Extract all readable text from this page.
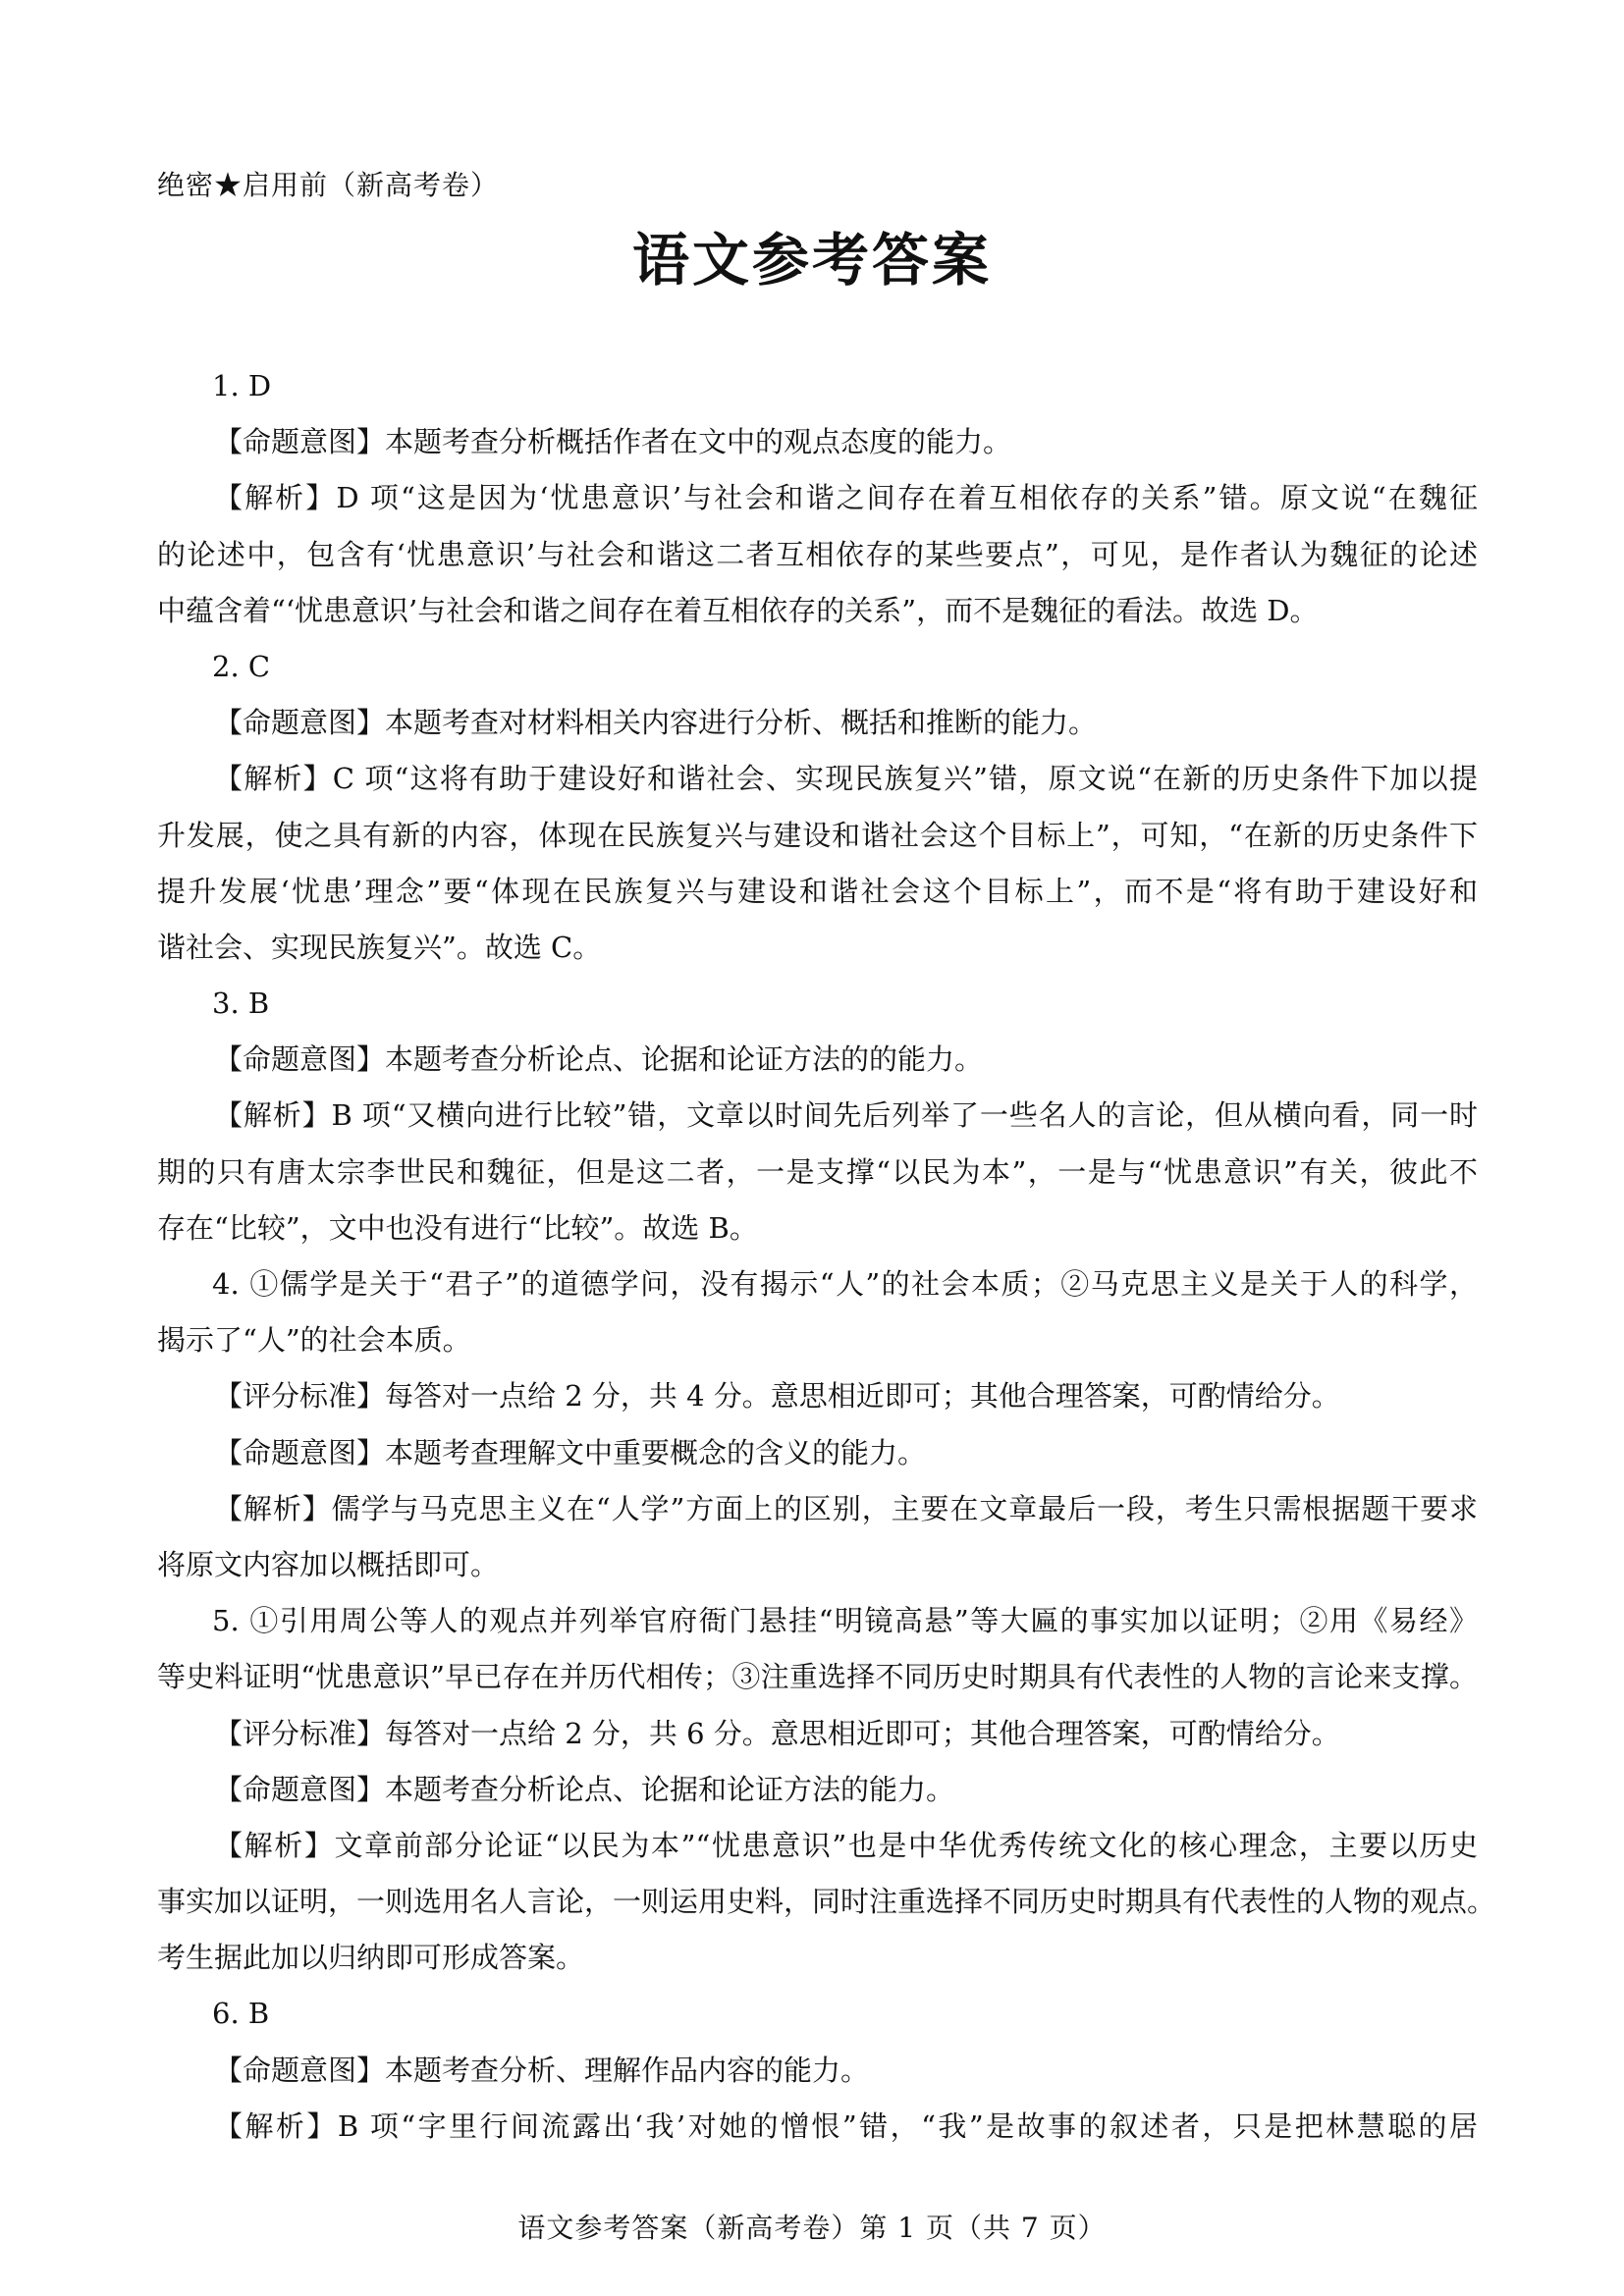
绝密★启用前（新高考卷）
语文参考答案
1. D
【命题意图】本题考查分析概括作者在文中的观点态度的能力。
【解析】D 项“这是因为‘忧患意识’与社会和谐之间存在着互相依存的关系”错。原文说“在魏征
的论述中，包含有‘忧患意识’与社会和谐这二者互相依存的某些要点”，可见，是作者认为魏征的论述
中蕴含着“‘忧患意识’与社会和谐之间存在着互相依存的关系”，而不是魏征的看法。故选 D。
2. C
【命题意图】本题考查对材料相关内容进行分析、概括和推断的能力。
【解析】C 项“这将有助于建设好和谐社会、实现民族复兴”错，原文说“在新的历史条件下加以提
升发展，使之具有新的内容，体现在民族复兴与建设和谐社会这个目标上”，可知，“在新的历史条件下
提升发展‘忧患’理念”要“体现在民族复兴与建设和谐社会这个目标上”，而不是“将有助于建设好和
谐社会、实现民族复兴”。故选 C。
3. B
【命题意图】本题考查分析论点、论据和论证方法的的能力。
【解析】B 项“又横向进行比较”错，文章以时间先后列举了一些名人的言论，但从横向看，同一时
期的只有唐太宗李世民和魏征，但是这二者，一是支撑“以民为本”，一是与“忧患意识”有关，彼此不
存在“比较”，文中也没有进行“比较”。故选 B。
4. ①儒学是关于“君子”的道德学问，没有揭示“人”的社会本质；②马克思主义是关于人的科学，
揭示了“人”的社会本质。
【评分标准】每答对一点给 2 分，共 4 分。意思相近即可；其他合理答案，可酌情给分。
【命题意图】本题考查理解文中重要概念的含义的能力。
【解析】儒学与马克思主义在“人学”方面上的区别，主要在文章最后一段，考生只需根据题干要求
将原文内容加以概括即可。
5. ①引用周公等人的观点并列举官府衙门悬挂“明镜高悬”等大匾的事实加以证明；②用《易经》
等史料证明“忧患意识”早已存在并历代相传；③注重选择不同历史时期具有代表性的人物的言论来支撑。
【评分标准】每答对一点给 2 分，共 6 分。意思相近即可；其他合理答案，可酌情给分。
【命题意图】本题考查分析论点、论据和论证方法的能力。
【解析】文章前部分论证“以民为本”“忧患意识”也是中华优秀传统文化的核心理念，主要以历史
事实加以证明，一则选用名人言论，一则运用史料，同时注重选择不同历史时期具有代表性的人物的观点。
考生据此加以归纳即可形成答案。
6. B
【命题意图】本题考查分析、理解作品内容的能力。
【解析】B 项“字里行间流露出‘我’对她的憎恨”错，“我”是故事的叙述者，只是把林慧聪的居
语文参考答案（新高考卷）第 1 页（共 7 页）
